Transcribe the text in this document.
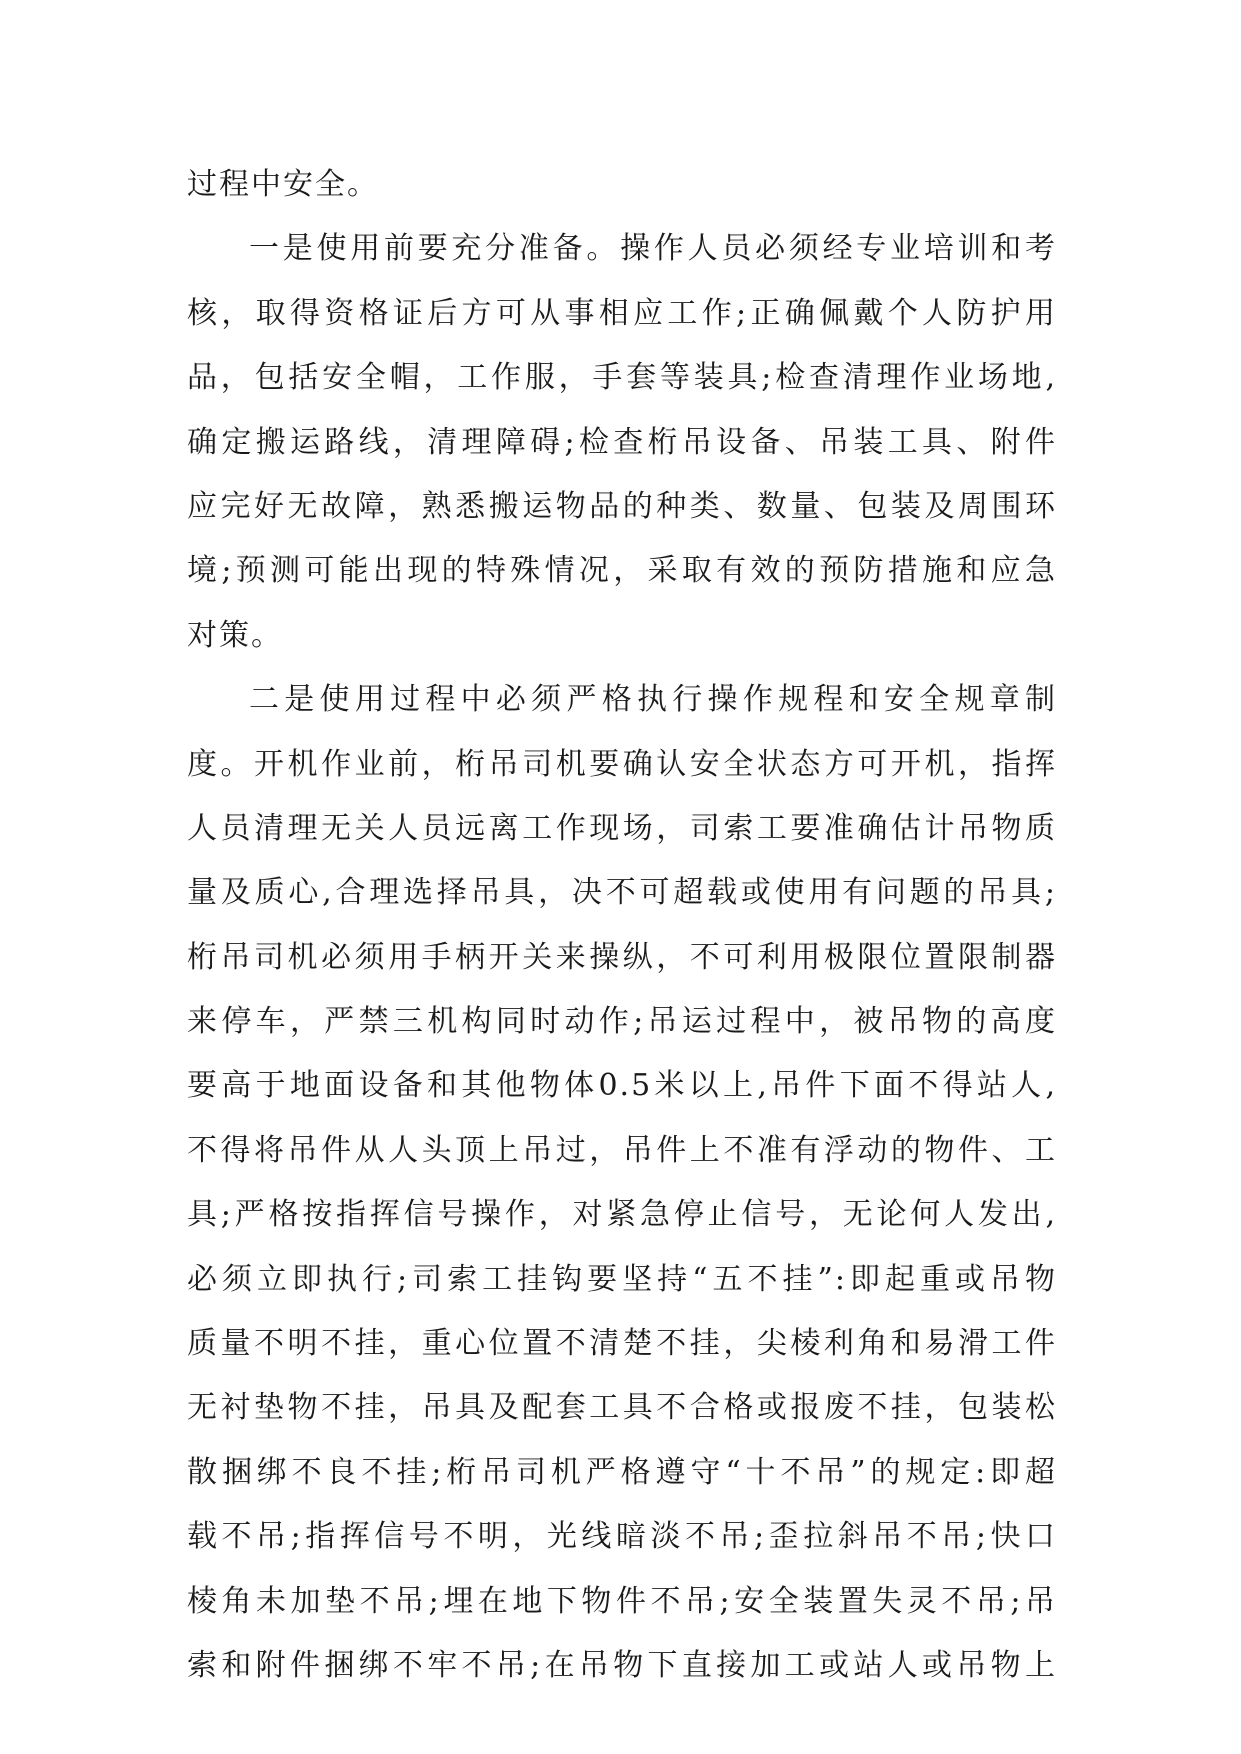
过程中安全。
一是使用前要充分准备。操作人员必须经专业培训和考
核，取得资格证后方可从事相应工作;正确佩戴个人防护用
品，包括安全帽，工作服，手套等装具;检查清理作业场地,
确定搬运路线，清理障碍;检查桁吊设备、吊装工具、附件
应完好无故障，熟悉搬运物品的种类、数量、包装及周围环
境;预测可能出现的特殊情况，采取有效的预防措施和应急
对策。
二是使用过程中必须严格执行操作规程和安全规章制
度。开机作业前，桁吊司机要确认安全状态方可开机，指挥
人员清理无关人员远离工作现场，司索工要准确估计吊物质
量及质心,合理选择吊具，决不可超载或使用有问题的吊具;
桁吊司机必须用手柄开关来操纵，不可利用极限位置限制器
来停车，严禁三机构同时动作;吊运过程中，被吊物的高度
要高于地面设备和其他物体0.5米以上,吊件下面不得站人,
不得将吊件从人头顶上吊过，吊件上不准有浮动的物件、工
具;严格按指挥信号操作，对紧急停止信号，无论何人发出,
必须立即执行;司索工挂钩要坚持“五不挂”:即起重或吊物
质量不明不挂，重心位置不清楚不挂，尖棱利角和易滑工件
无衬垫物不挂，吊具及配套工具不合格或报废不挂，包装松
散捆绑不良不挂;桁吊司机严格遵守“十不吊”的规定:即超
载不吊;指挥信号不明，光线暗淡不吊;歪拉斜吊不吊;快口
棱角未加垫不吊;埋在地下物件不吊;安全装置失灵不吊;吊
索和附件捆绑不牢不吊;在吊物下直接加工或站人或吊物上
